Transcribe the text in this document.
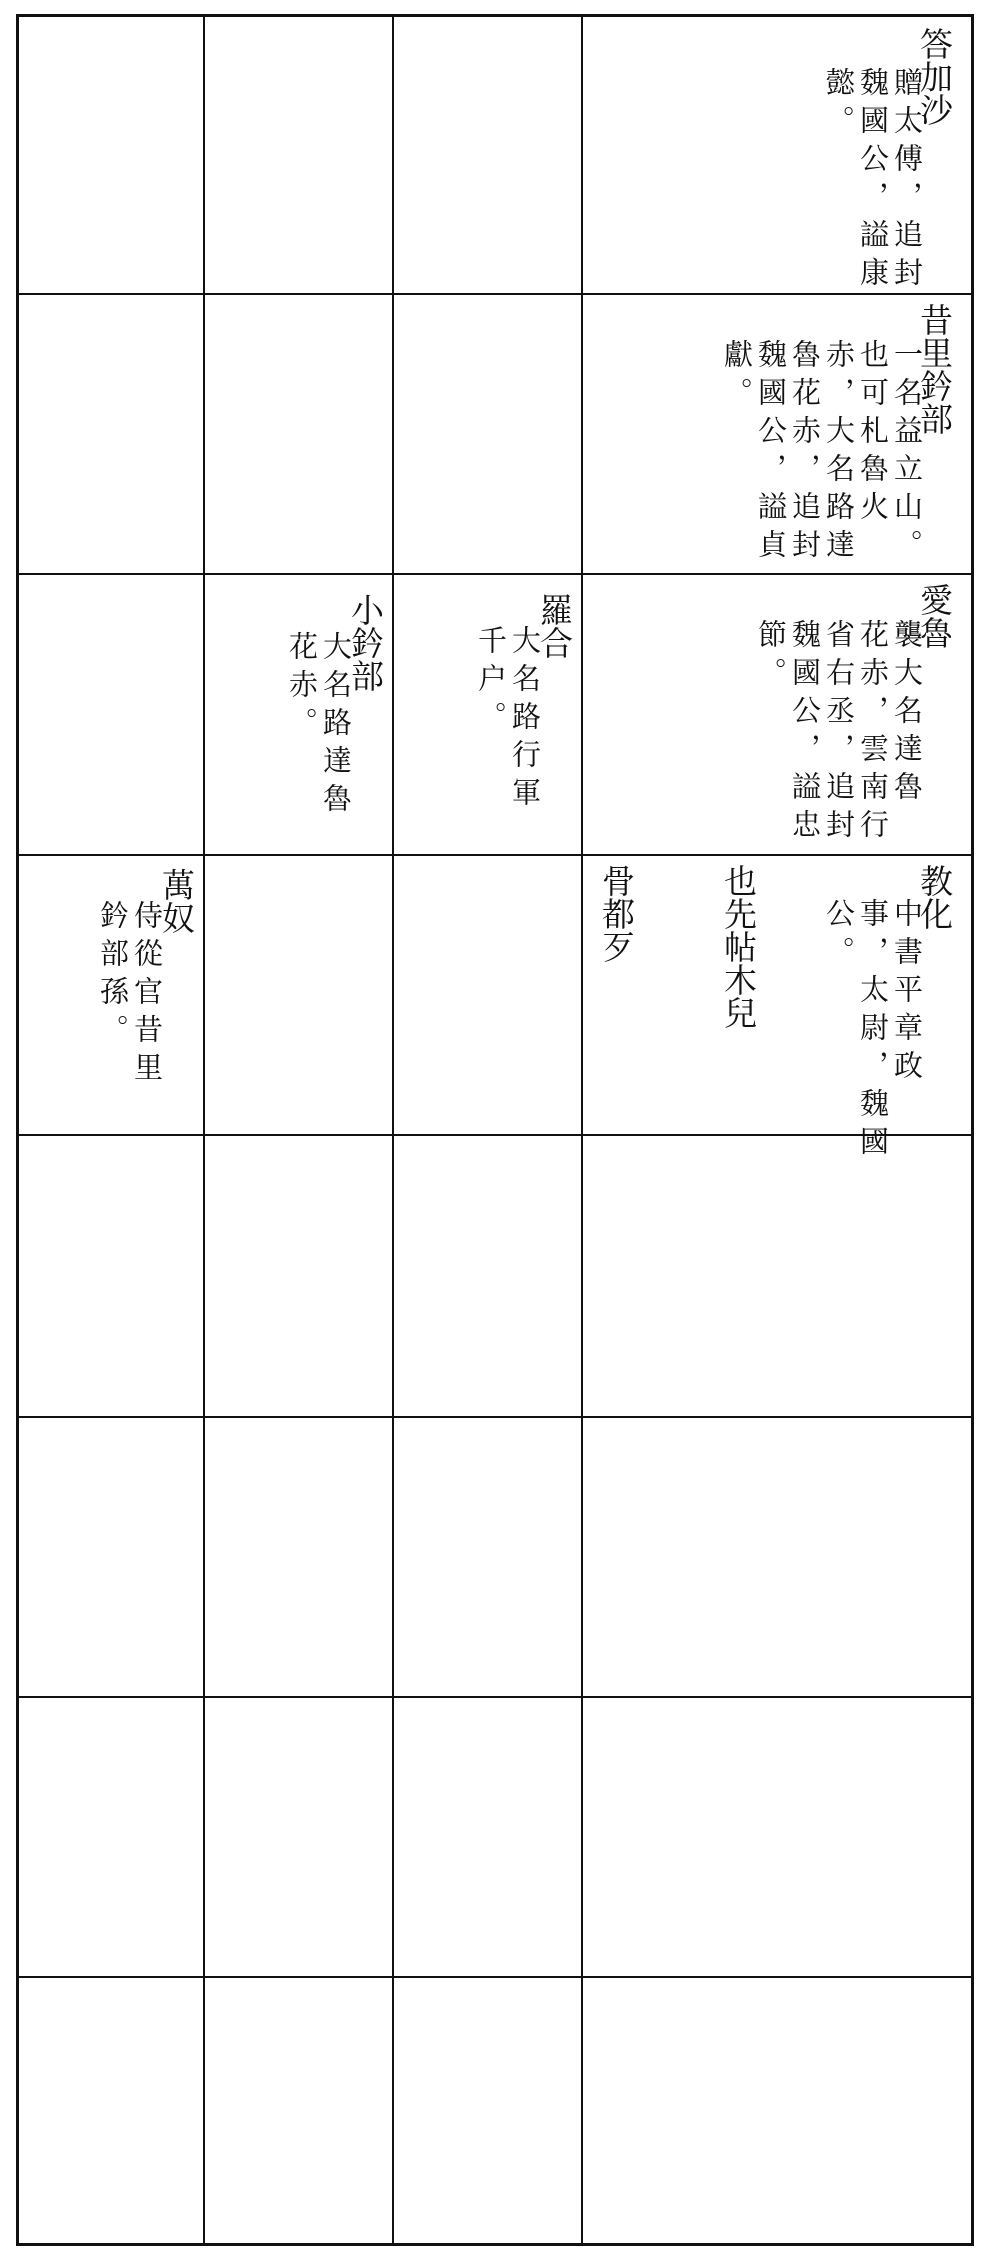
答加沙
贈太傅，追封
魏國公，謚康
懿。
昔里鈐部
一名益立山。
也可札魯火
赤，大名路達
魯花赤，追封
魏國公，謚貞
獻。
愛魯
襲大名達魯
花赤，雲南行
省右丞，追封
魏國公，謚忠
節。
羅合
大名路行軍
千户。
小鈐部
大名路達魯
花赤。
教化
中書平章政
事，太尉，魏國
公。
也先帖木兒
骨都歹
萬奴
侍從官昔里
鈐部孫。
